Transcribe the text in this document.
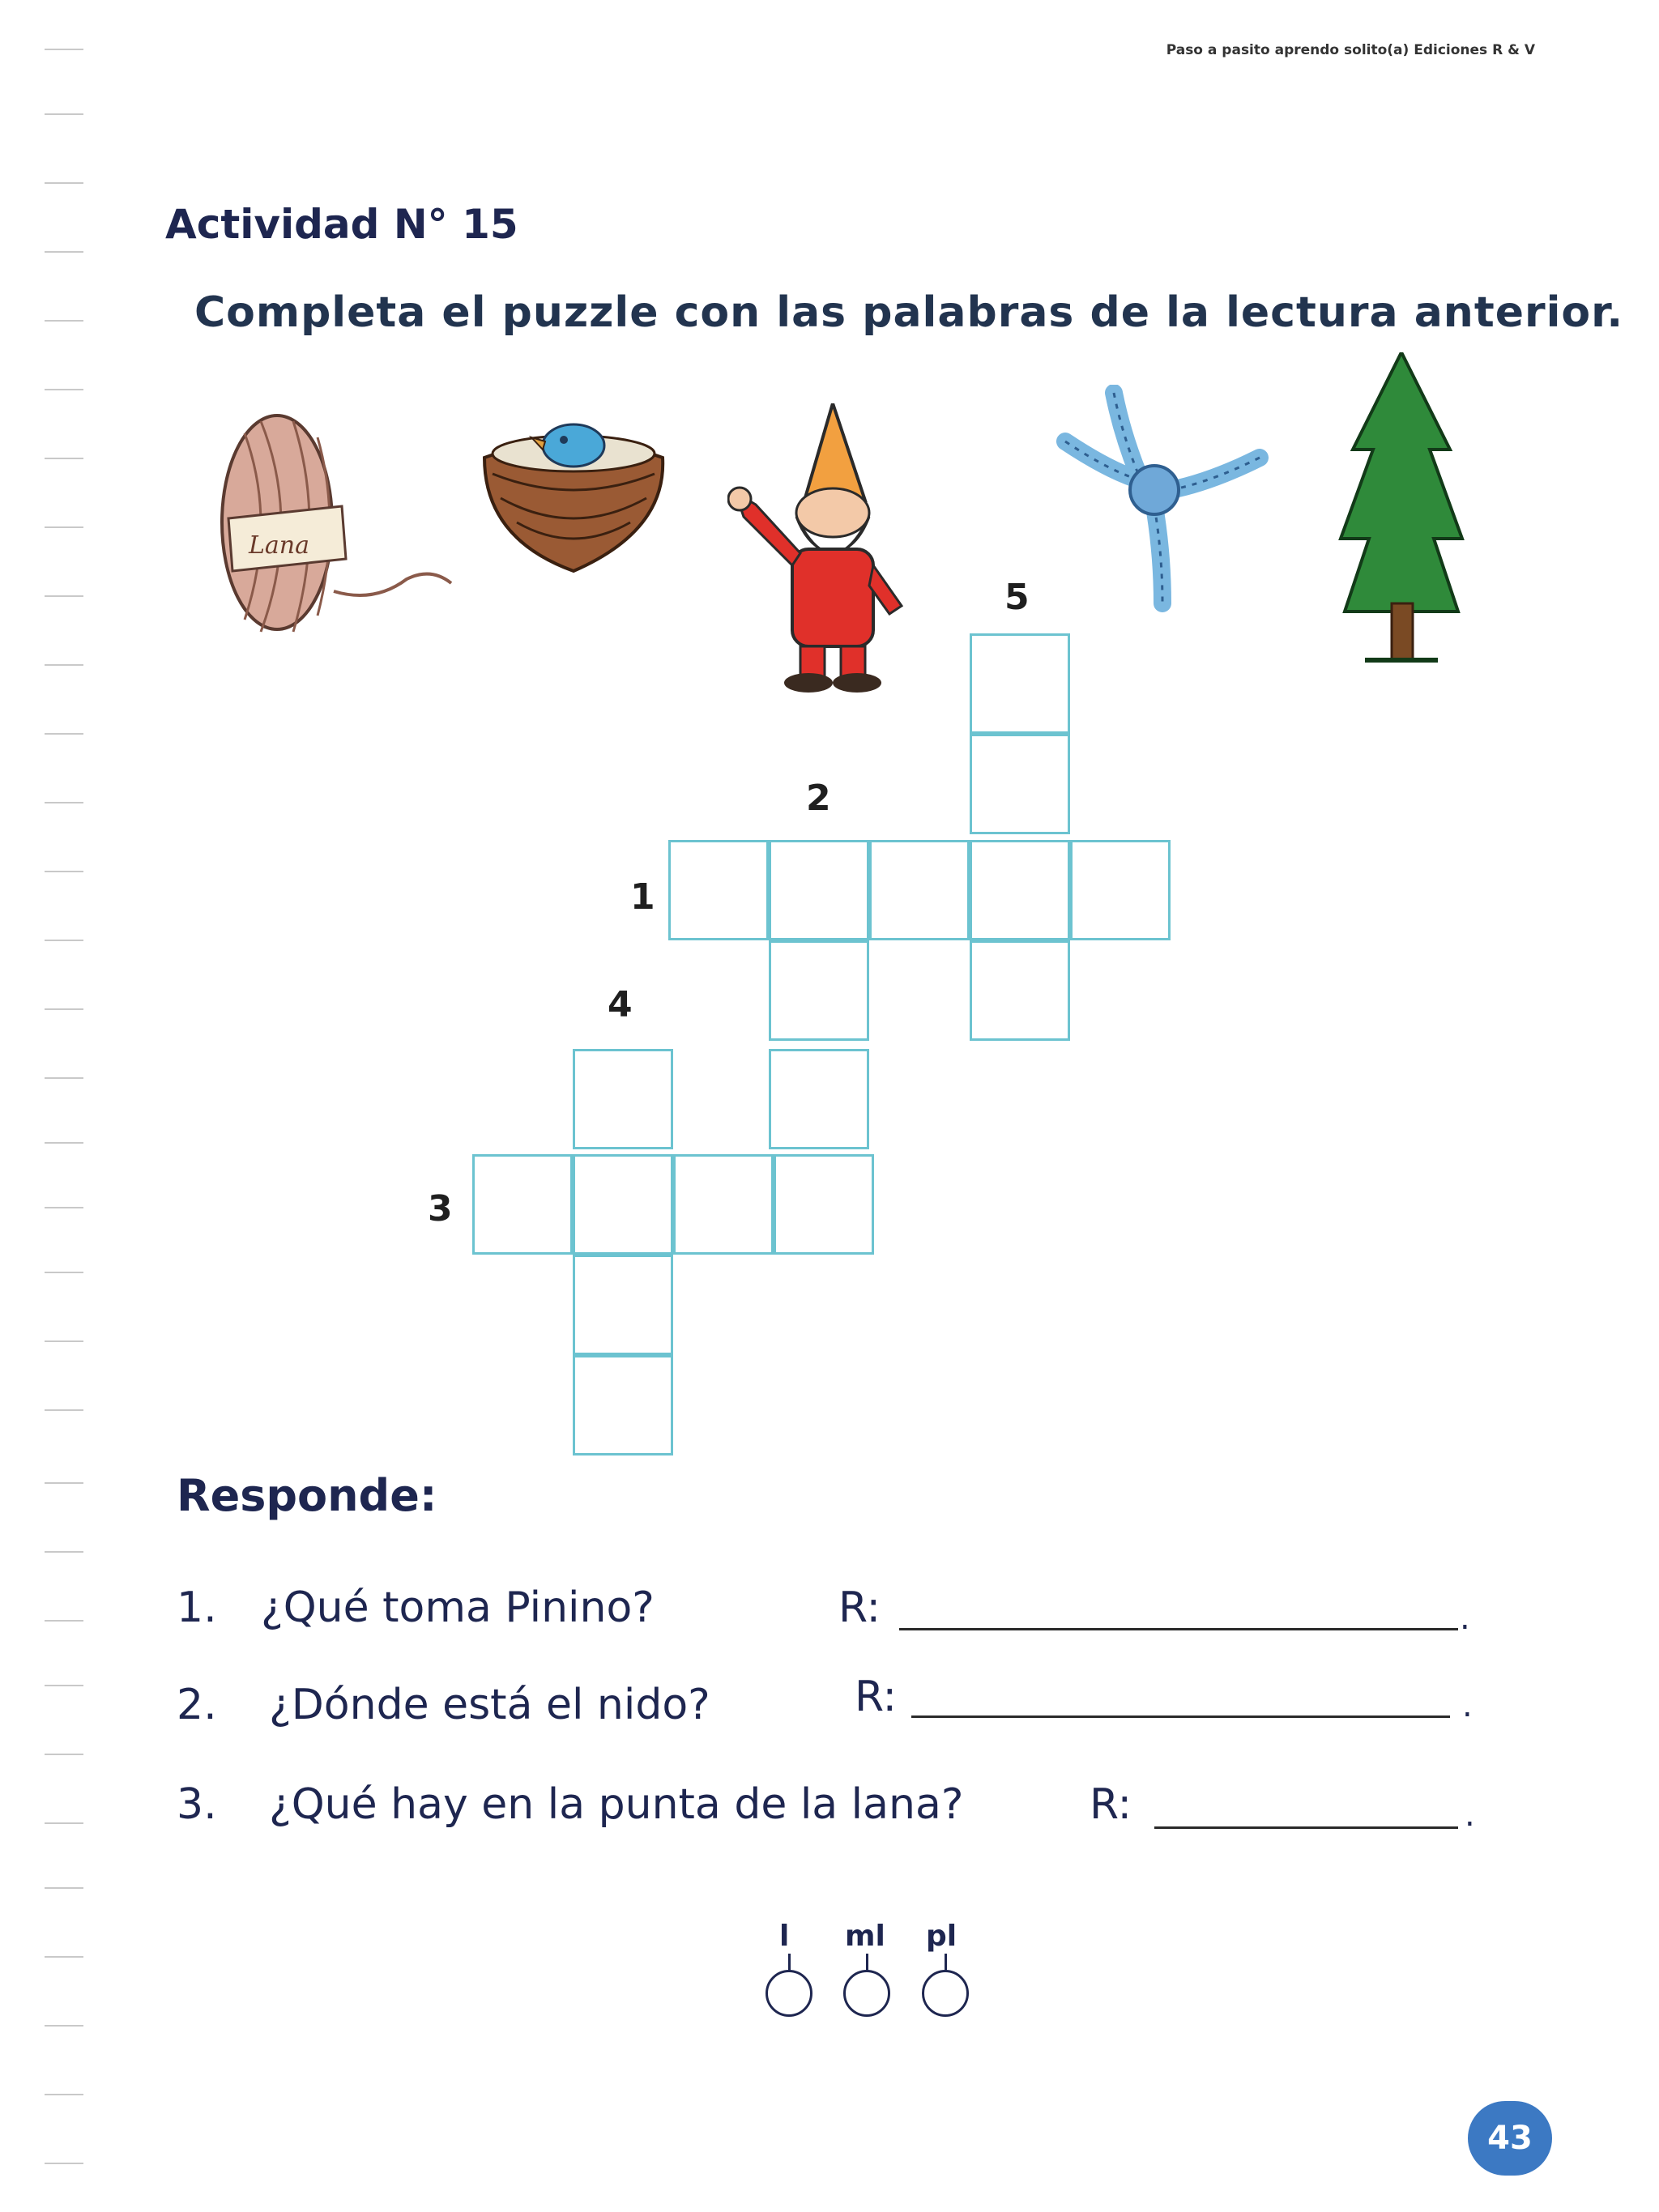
Paso a pasito aprendo solito(a) Ediciones R & V
Actividad N° 15
Completa el puzzle con las palabras de la lectura anterior.
Lana
5
2
1
4
3
Responde:
1. ¿Qué toma Pinino?	R:	.
2. ¿Dónde está el nido?	R:	.
3. ¿Qué hay en la punta de la lana?	R:	.
l ml pl
43
